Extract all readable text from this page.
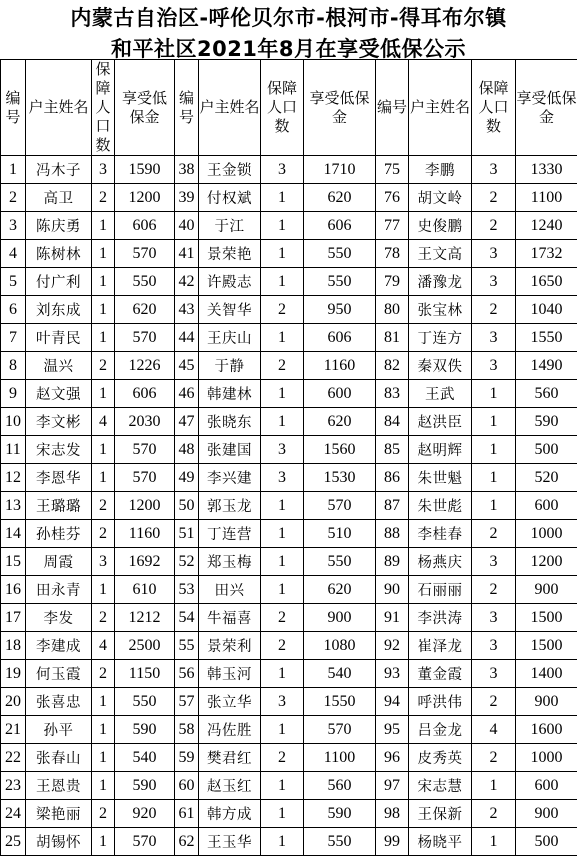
内蒙古自治区-呼伦贝尔市-根河市-得耳布尔镇
和平社区2021年8月在享受低保公示
编号	户主姓名	保障人口数	享受低保金	编号	户主姓名	保障人口数	享受低保金	编号	户主姓名	保障人口数	享受低保金
1	冯木子	3	1590	38	王金锁	3	1710	75	李鹏	3	1330
2	高卫	2	1200	39	付权斌	1	620	76	胡文岭	2	1100
3	陈庆勇	1	606	40	于江	1	606	77	史俊鹏	2	1240
4	陈树林	1	570	41	景荣艳	1	550	78	王文高	3	1732
5	付广利	1	550	42	许殿志	1	550	79	潘豫龙	3	1650
6	刘东成	1	620	43	关智华	2	950	80	张宝林	2	1040
7	叶青民	1	570	44	王庆山	1	606	81	丁连方	3	1550
8	温兴	2	1226	45	于静	2	1160	82	秦双佚	3	1490
9	赵文强	1	606	46	韩建林	1	600	83	王武	1	560
10	李文彬	4	2030	47	张晓东	1	620	84	赵洪臣	1	590
11	宋志发	1	570	48	张建国	3	1560	85	赵明辉	1	500
12	李恩华	1	570	49	李兴建	3	1530	86	朱世魁	1	520
13	王璐璐	2	1200	50	郭玉龙	1	570	87	朱世彪	1	600
14	孙桂芬	2	1160	51	丁连营	1	510	88	李桂春	2	1000
15	周霞	3	1692	52	郑玉梅	1	550	89	杨燕庆	3	1200
16	田永青	1	610	53	田兴	1	620	90	石丽丽	2	900
17	李发	2	1212	54	牛福喜	2	900	91	李洪涛	3	1500
18	李建成	4	2500	55	景荣利	2	1080	92	崔泽龙	3	1500
19	何玉霞	2	1150	56	韩玉河	1	540	93	董金霞	3	1400
20	张喜忠	1	550	57	张立华	3	1550	94	呼洪伟	2	900
21	孙平	1	590	58	冯佐胜	1	570	95	吕金龙	4	1600
22	张春山	1	540	59	樊君红	2	1100	96	皮秀英	2	1000
23	王恩贵	1	590	60	赵玉红	1	560	97	宋志慧	1	600
24	梁艳丽	2	920	61	韩方成	1	590	98	王保新	2	900
25	胡锡怀	1	570	62	王玉华	1	550	99	杨晓平	1	500
